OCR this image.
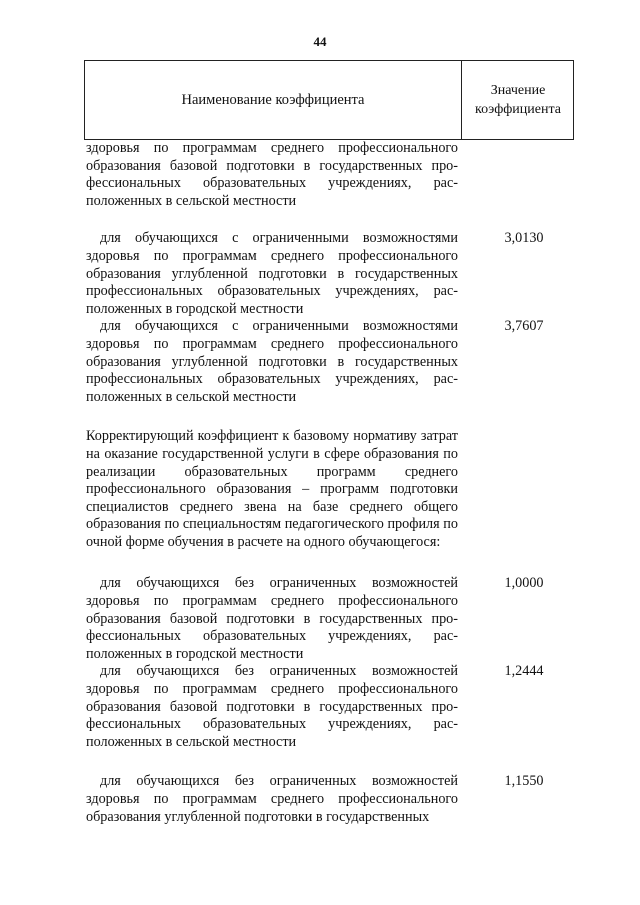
44
Наименование коэффициента
Значение коэффициента
здоровья по программам среднего профессионального образования базовой подготовки в государственных профессиональных образовательных учреждениях, расположенных в сельской местности
для обучающихся с ограниченными возможностями здоровья по программам среднего профессионального образования углубленной подготовки в государственных профессиональных образовательных учреждениях, расположенных в городской местности
3,0130
для обучающихся с ограниченными возможностями здоровья по программам среднего профессионального образования углубленной подготовки в государственных профессиональных образовательных учреждениях, расположенных в сельской местности
3,7607
Корректирующий коэффициент к базовому нормативу затрат на оказание государственной услуги в сфере образования по реализации образовательных программ среднего профессионального образования – программ подготовки специалистов среднего звена на базе среднего общего образования по специальностям педагогического профиля по очной форме обучения в расчете на одного обучающегося:
для обучающихся без ограниченных возможностей здоровья по программам среднего профессионального образования базовой подготовки в государственных профессиональных образовательных учреждениях, расположенных в городской местности
1,0000
для обучающихся без ограниченных возможностей здоровья по программам среднего профессионального образования базовой подготовки в государственных профессиональных образовательных учреждениях, расположенных в сельской местности
1,2444
для обучающихся без ограниченных возможностей здоровья по программам среднего профессионального образования углубленной подготовки в государственных
1,1550
